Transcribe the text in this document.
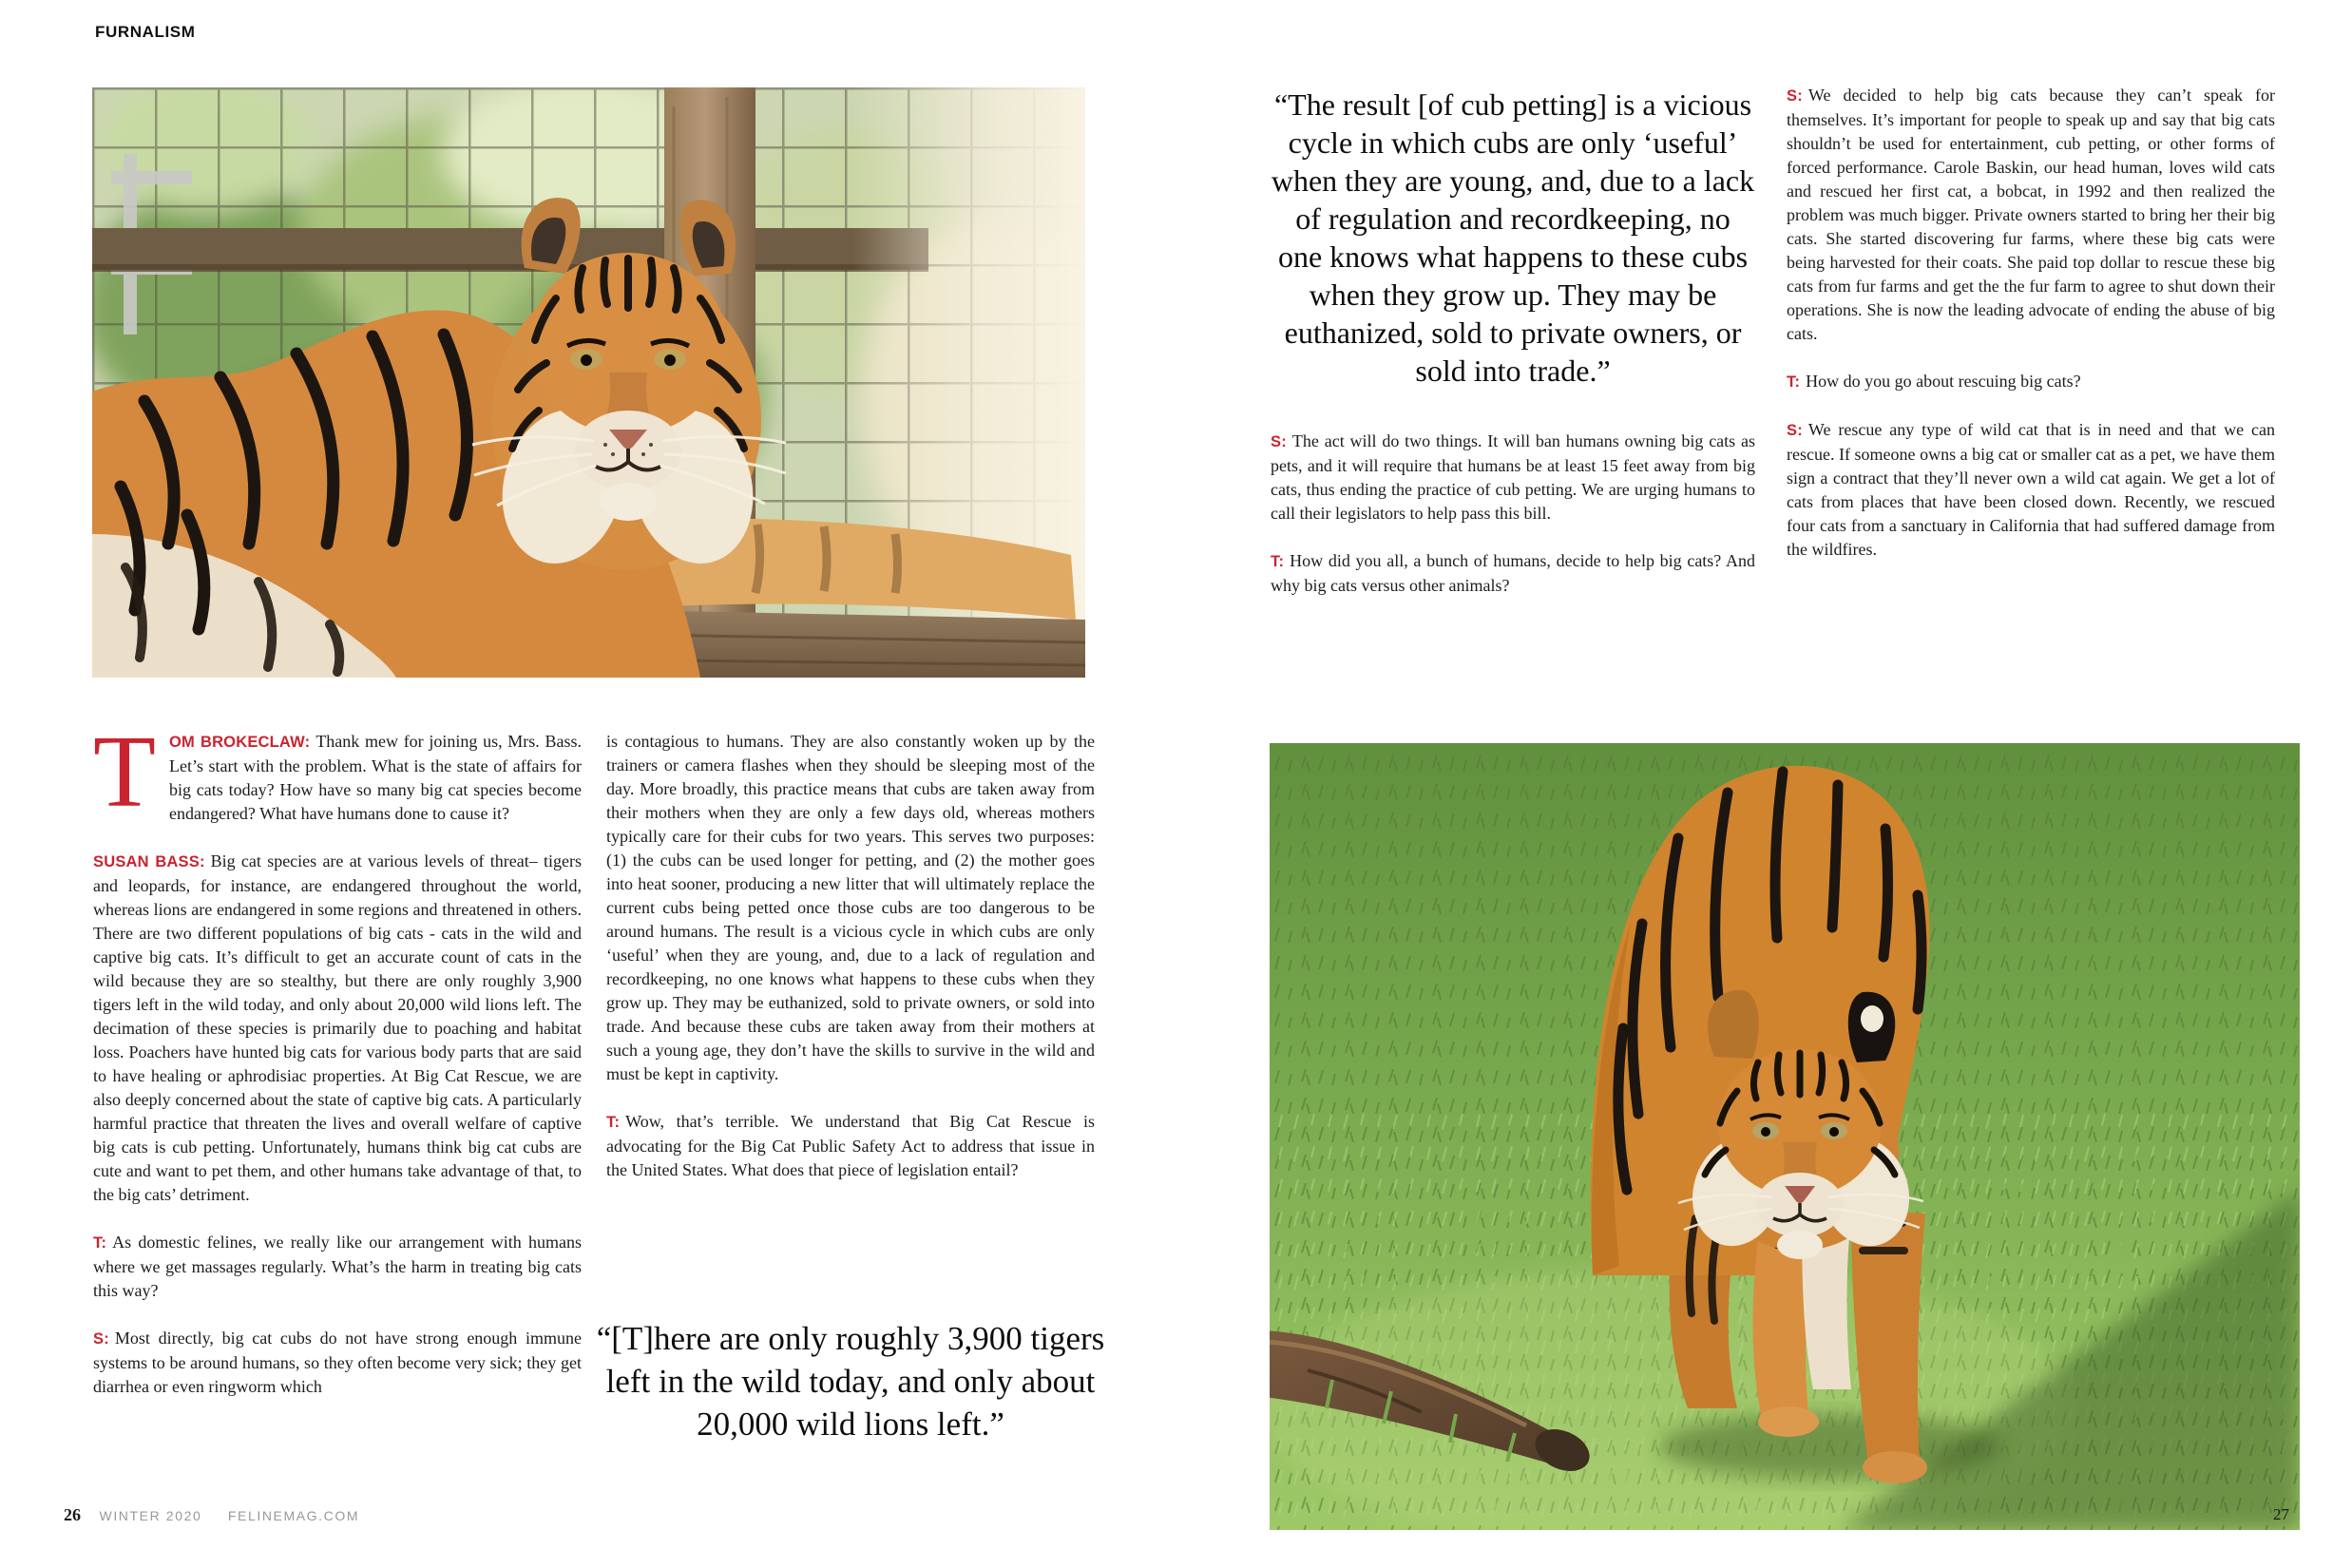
FURNALISM

TOM BROKECLAW: Thank mew for joining us, Mrs. Bass. Let’s start with the problem. What is the state of affairs for big cats today? How have so many big cat species become endangered? What have humans done to cause it?

SUSAN BASS: Big cat species are at various levels of threat– tigers and leopards, for instance, are endangered throughout the world, whereas lions are endangered in some regions and threatened in others. There are two different populations of big cats - cats in the wild and captive big cats. It’s difficult to get an accurate count of cats in the wild because they are so stealthy, but there are only roughly 3,900 tigers left in the wild today, and only about 20,000 wild lions left. The decimation of these species is primarily due to poaching and habitat loss. Poachers have hunted big cats for various body parts that are said to have healing or aphrodisiac properties. At Big Cat Rescue, we are also deeply concerned about the state of captive big cats. A particularly harmful practice that threaten the lives and overall welfare of captive big cats is cub petting. Unfortunately, humans think big cat cubs are cute and want to pet them, and other humans take advantage of that, to the big cats’ detriment.

T: As domestic felines, we really like our arrangement with humans where we get massages regularly. What’s the harm in treating big cats this way?

S: Most directly, big cat cubs do not have strong enough immune systems to be around humans, so they often become very sick; they get diarrhea or even ringworm which

is contagious to humans. They are also constantly woken up by the trainers or camera flashes when they should be sleeping most of the day. More broadly, this practice means that cubs are taken away from their mothers when they are only a few days old, whereas mothers typically care for their cubs for two years. This serves two purposes: (1) the cubs can be used longer for petting, and (2) the mother goes into heat sooner, producing a new litter that will ultimately replace the current cubs being petted once those cubs are too dangerous to be around humans. The result is a vicious cycle in which cubs are only ‘useful’ when they are young, and, due to a lack of regulation and recordkeeping, no one knows what happens to these cubs when they grow up. They may be euthanized, sold to private owners, or sold into trade. And because these cubs are taken away from their mothers at such a young age, they don’t have the skills to survive in the wild and must be kept in captivity.

T: Wow, that’s terrible. We understand that Big Cat Rescue is advocating for the Big Cat Public Safety Act to address that issue in the United States. What does that piece of legislation entail?

“[T]here are only roughly 3,900 tigers left in the wild today, and only about 20,000 wild lions left.”
26 WINTER 2020 FELINEMAG.COM
“The result [of cub petting] is a vicious cycle in which cubs are only ‘useful’ when they are young, and, due to a lack of regulation and recordkeeping, no one knows what happens to these cubs when they grow up. They may be euthanized, sold to private owners, or sold into trade.”

S: The act will do two things. It will ban humans owning big cats as pets, and it will require that humans be at least 15 feet away from big cats, thus ending the practice of cub petting. We are urging humans to call their legislators to help pass this bill.

T: How did you all, a bunch of humans, decide to help big cats? And why big cats versus other animals?

S: We decided to help big cats because they can’t speak for themselves. It’s important for people to speak up and say that big cats shouldn’t be used for entertainment, cub petting, or other forms of forced performance. Carole Baskin, our head human, loves wild cats and rescued her first cat, a bobcat, in 1992 and then realized the problem was much bigger. Private owners started to bring her their big cats. She started discovering fur farms, where these big cats were being harvested for their coats. She paid top dollar to rescue these big cats from fur farms and get the the fur farm to agree to shut down their operations. She is now the leading advocate of ending the abuse of big cats.

T: How do you go about rescuing big cats?

S: We rescue any type of wild cat that is in need and that we can rescue. If someone owns a big cat or smaller cat as a pet, we have them sign a contract that they’ll never own a wild cat again. We get a lot of cats from places that have been closed down. Recently, we rescued four cats from a sanctuary in California that had suffered damage from the wildfires.

27
